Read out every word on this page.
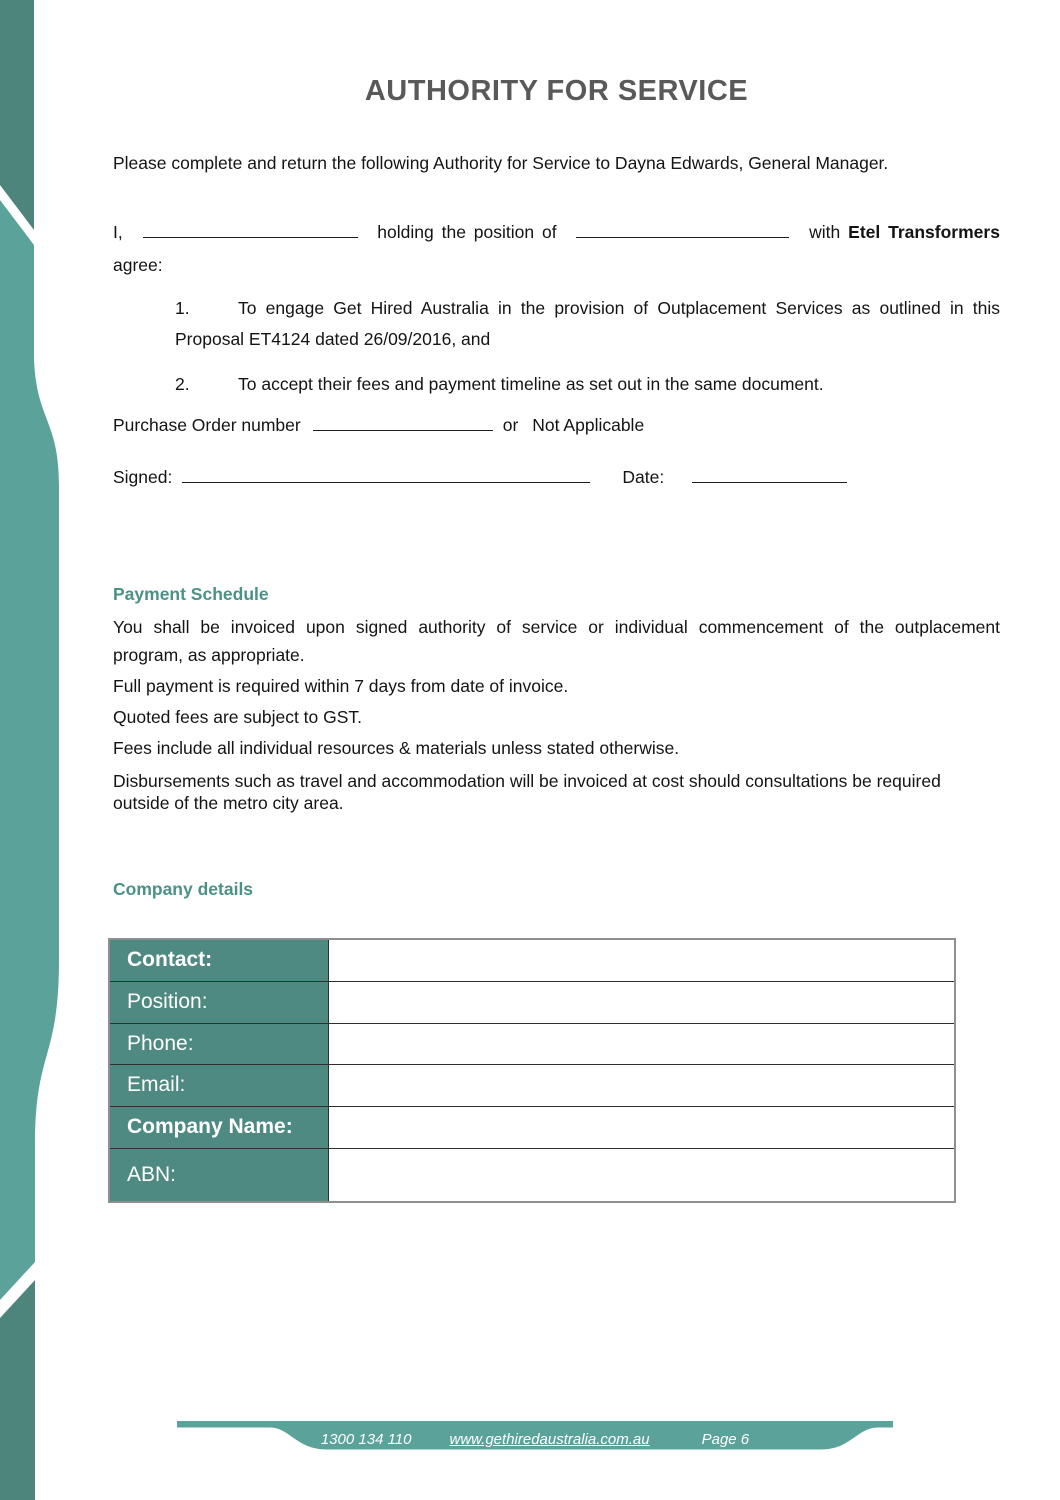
AUTHORITY FOR SERVICE
Please complete and return the following Authority for Service to Dayna Edwards, General Manager.
I,	holding the position of	with Etel Transformers
agree:
1.	To engage Get Hired Australia in the provision of Outplacement Services as outlined in this
Proposal ET4124 dated 26/09/2016, and
2.	To accept their fees and payment timeline as set out in the same document.
Purchase Order number	or Not Applicable
Signed:	Date:
Payment Schedule

You shall be invoiced upon signed authority of service or individual commencement of the outplacement
program, as appropriate.

Full payment is required within 7 days from date of invoice.

Quoted fees are subject to GST.

Fees include all individual resources & materials unless stated otherwise.

Disbursements such as travel and accommodation will be invoiced at cost should consultations be required
outside of the metro city area.

Company details
Contact:	
Position:	
Phone:	
Email:	
Company Name:	
ABN:	
1300 134 110	www.gethiredaustralia.com.au	Page 6
